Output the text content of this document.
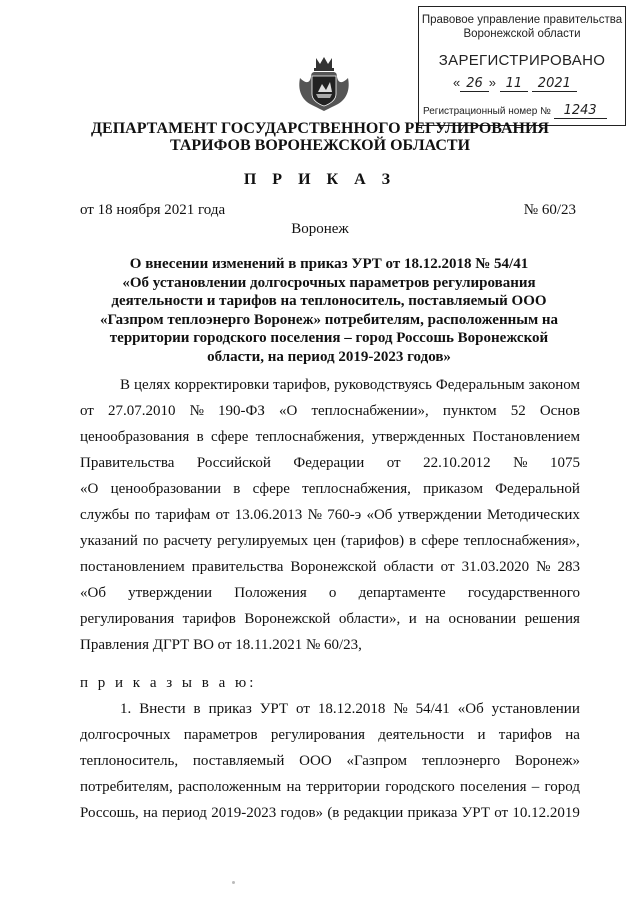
Правовое управление правительства
Воронежской области
ЗАРЕГИСТРИРОВАНО
« 26 » 11 2021
Регистрационный номер № 1243
ДЕПАРТАМЕНТ ГОСУДАРСТВЕННОГО РЕГУЛИРОВАНИЯ
ТАРИФОВ ВОРОНЕЖСКОЙ ОБЛАСТИ
П Р И К А З
от 18 ноября 2021 года	№ 60/23
Воронеж
О внесении изменений в приказ УРТ от 18.12.2018 № 54/41
«Об установлении долгосрочных параметров регулирования
деятельности и тарифов на теплоноситель, поставляемый ООО
«Газпром теплоэнерго Воронеж» потребителям, расположенным на
территории городского поселения – город Россошь Воронежской
области, на период 2019-2023 годов»
В целях корректировки тарифов, руководствуясь Федеральным законом
от 27.07.2010 № 190-ФЗ «О теплоснабжении», пунктом 52 Основ
ценообразования в сфере теплоснабжения, утвержденных Постановлением
Правительства Российской Федерации от 22.10.2012 № 1075
«О ценообразовании в сфере теплоснабжения, приказом Федеральной
службы по тарифам от 13.06.2013 № 760-э «Об утверждении Методических
указаний по расчету регулируемых цен (тарифов) в сфере теплоснабжения»,
постановлением правительства Воронежской области от 31.03.2020 № 283
«Об утверждении Положения о департаменте государственного
регулирования тарифов Воронежской области», и на основании решения
Правления ДГРТ ВО от 18.11.2021 № 60/23,
п р и к а з ы в а ю:
1. Внести в приказ УРТ от 18.12.2018 № 54/41 «Об установлении
долгосрочных параметров регулирования деятельности и тарифов на
теплоноситель, поставляемый ООО «Газпром теплоэнерго Воронеж»
потребителям, расположенным на территории городского поселения – город
Россошь, на период 2019-2023 годов» (в редакции приказа УРТ от 10.12.2019
